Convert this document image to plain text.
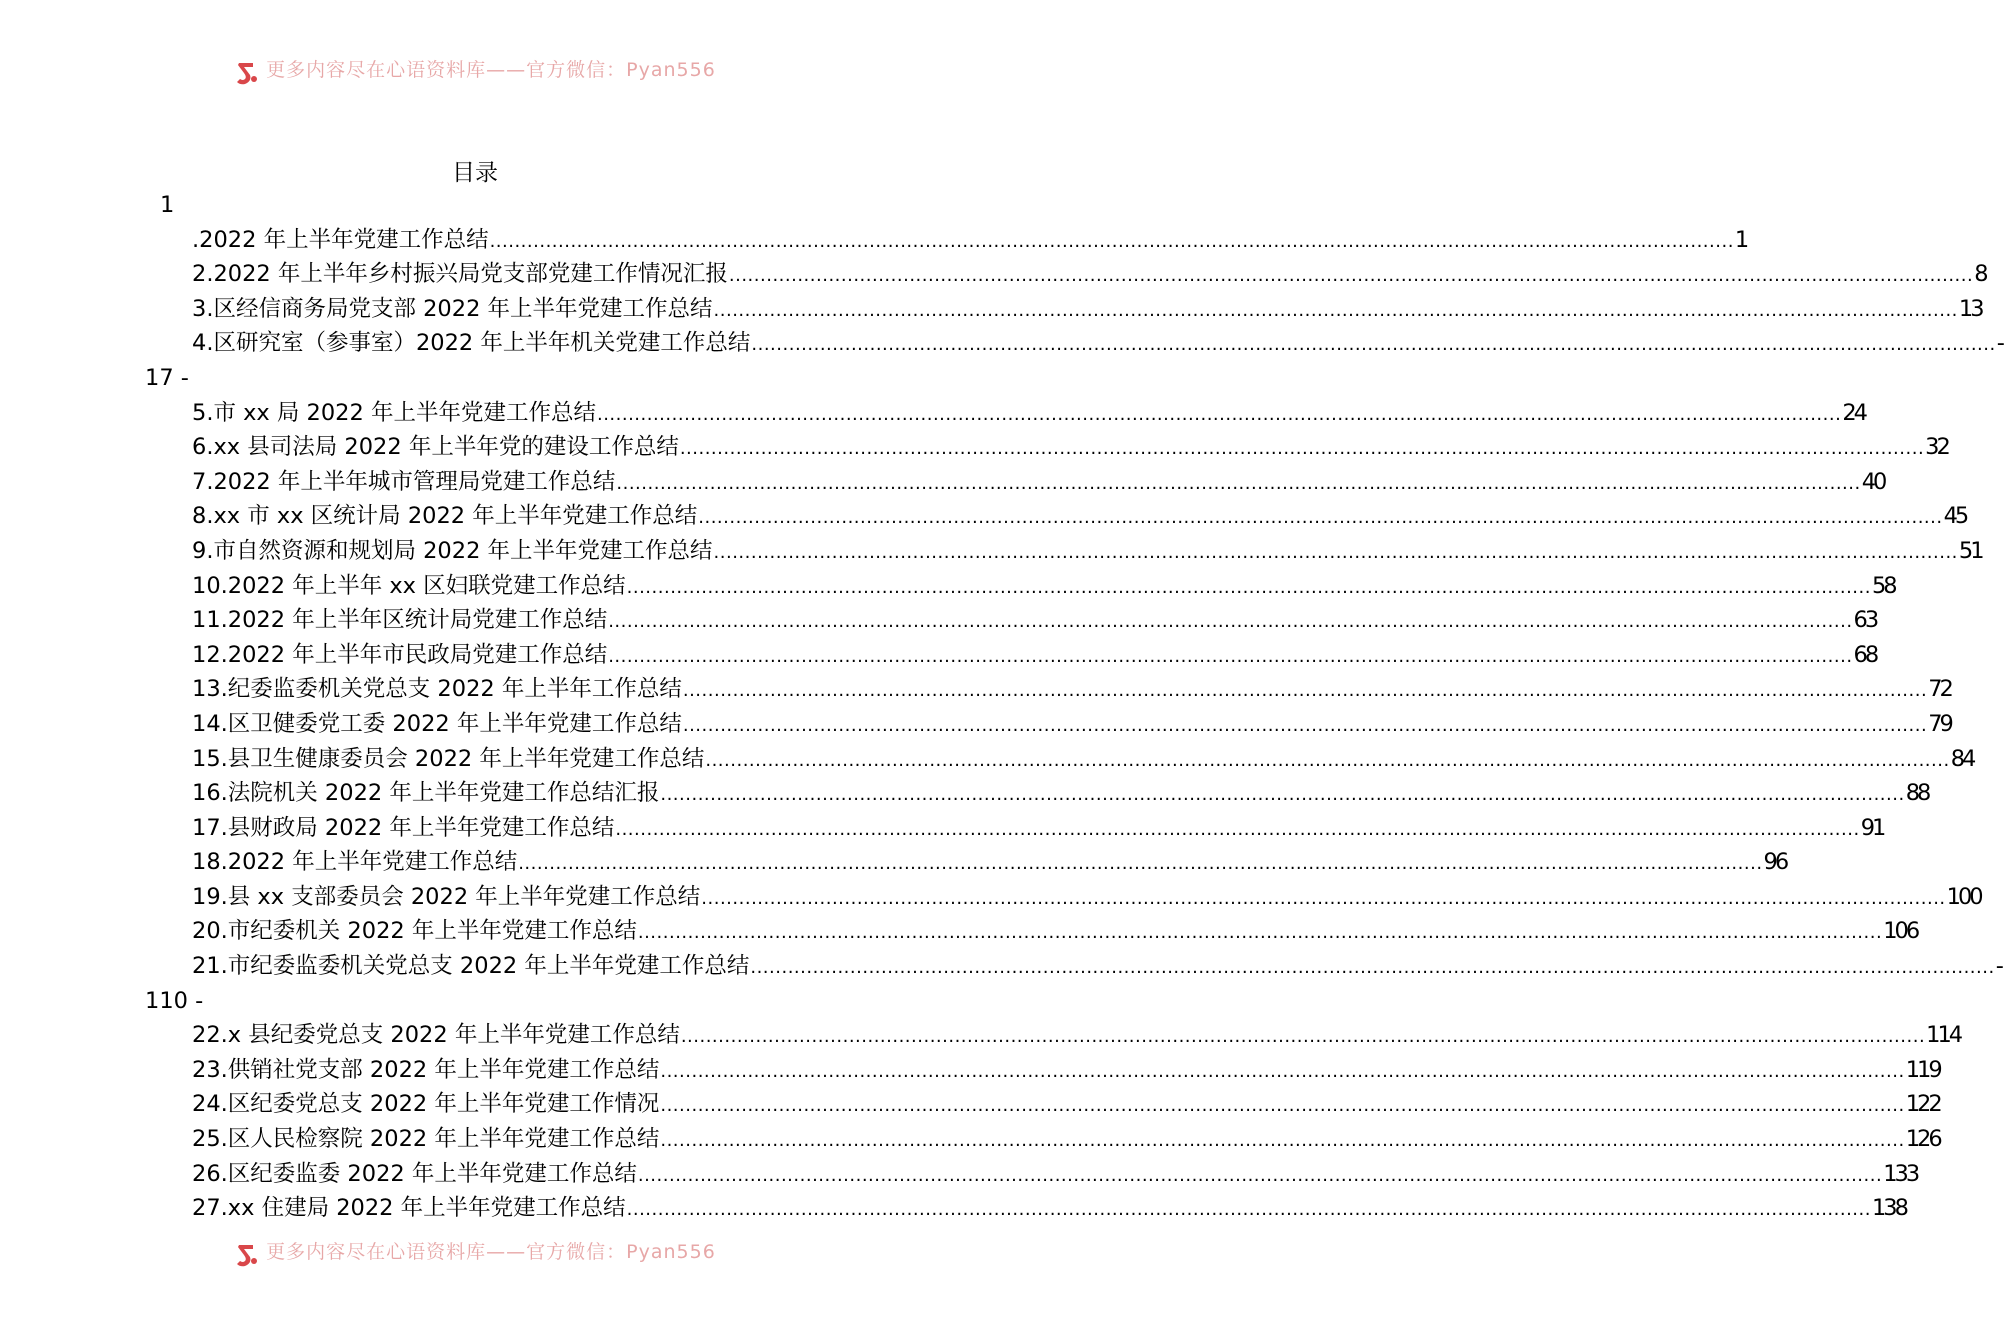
更多内容尽在心语资料库——官方微信：Pyan556
目录
1
.2022 年上半年党建工作总结 ........................................................................................................................................................................................................ 1
2.2022 年上半年乡村振兴局党支部党建工作情况汇报 ........................................................................................................................................................................................................ 8
3.区经信商务局党支部 2022 年上半年党建工作总结 ........................................................................................................................................................................................................ 13
4.区研究室（参事室）2022 年上半年机关党建工作总结 ........................................................................................................................................................................................................ -
17 -
5.市 xx 局 2022 年上半年党建工作总结 ........................................................................................................................................................................................................ 24
6.xx 县司法局 2022 年上半年党的建设工作总结 ........................................................................................................................................................................................................ 32
7.2022 年上半年城市管理局党建工作总结 ........................................................................................................................................................................................................ 40
8.xx 市 xx 区统计局 2022 年上半年党建工作总结 ........................................................................................................................................................................................................ 45
9.市自然资源和规划局 2022 年上半年党建工作总结 ........................................................................................................................................................................................................ 51
10.2022 年上半年 xx 区妇联党建工作总结 ........................................................................................................................................................................................................ 58
11.2022 年上半年区统计局党建工作总结 ........................................................................................................................................................................................................ 63
12.2022 年上半年市民政局党建工作总结 ........................................................................................................................................................................................................ 68
13.纪委监委机关党总支 2022 年上半年工作总结 ........................................................................................................................................................................................................ 72
14.区卫健委党工委 2022 年上半年党建工作总结 ........................................................................................................................................................................................................ 79
15.县卫生健康委员会 2022 年上半年党建工作总结 ........................................................................................................................................................................................................ 84
16.法院机关 2022 年上半年党建工作总结汇报 ........................................................................................................................................................................................................ 88
17.县财政局 2022 年上半年党建工作总结 ........................................................................................................................................................................................................ 91
18.2022 年上半年党建工作总结 ........................................................................................................................................................................................................ 96
19.县 xx 支部委员会 2022 年上半年党建工作总结 ........................................................................................................................................................................................................ 100
20.市纪委机关 2022 年上半年党建工作总结 ........................................................................................................................................................................................................ 106
21.市纪委监委机关党总支 2022 年上半年党建工作总结 ........................................................................................................................................................................................................ -
110 -
22.x 县纪委党总支 2022 年上半年党建工作总结 ........................................................................................................................................................................................................ 114
23.供销社党支部 2022 年上半年党建工作总结 ........................................................................................................................................................................................................ 119
24.区纪委党总支 2022 年上半年党建工作情况 ........................................................................................................................................................................................................ 122
25.区人民检察院 2022 年上半年党建工作总结 ........................................................................................................................................................................................................ 126
26.区纪委监委 2022 年上半年党建工作总结 ........................................................................................................................................................................................................ 133
27.xx 住建局 2022 年上半年党建工作总结 ........................................................................................................................................................................................................ 138
更多内容尽在心语资料库——官方微信：Pyan556
